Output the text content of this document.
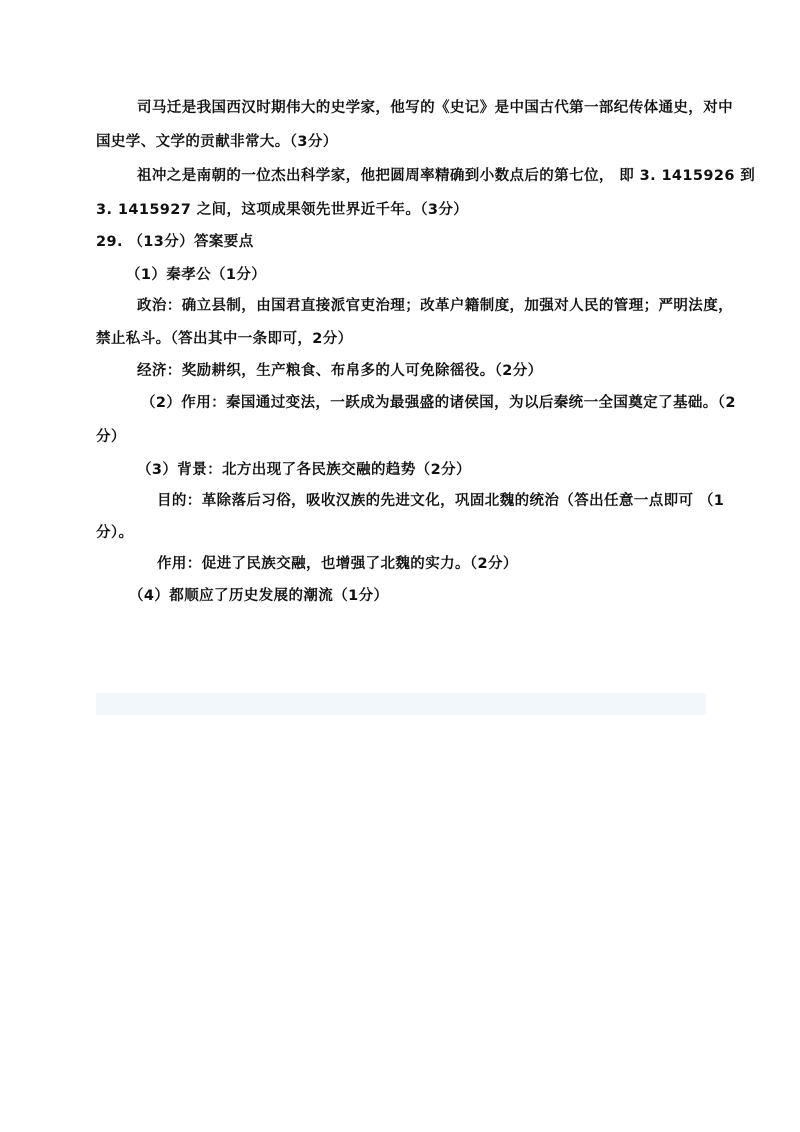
司马迁是我国西汉时期伟大的史学家，他写的《史记》是中国古代第一部纪传体通史，对中
国史学、文学的贡献非常大。（3分）
祖冲之是南朝的一位杰出科学家，他把圆周率精确到小数点后的第七位， 即 3. 1415926 到
3. 1415927 之间，这项成果领先世界近千年。（3分）
29. （13分）答案要点
（1）秦孝公（1分）
政治：确立县制，由国君直接派官吏治理；改革户籍制度，加强对人民的管理；严明法度，
禁止私斗。（答出其中一条即可，2分）
经济：奖励耕织，生产粮食、布帛多的人可免除徭役。（2分）
（2）作用：秦国通过变法，一跃成为最强盛的诸侯国，为以后秦统一全国奠定了基础。（2
分）
（3）背景：北方出现了各民族交融的趋势（2分）
目的：革除落后习俗，吸收汉族的先进文化，巩固北魏的统治（答出任意一点即可 （1
分）。
作用：促进了民族交融，也增强了北魏的实力。（2分）
（4）都顺应了历史发展的潮流（1分）
